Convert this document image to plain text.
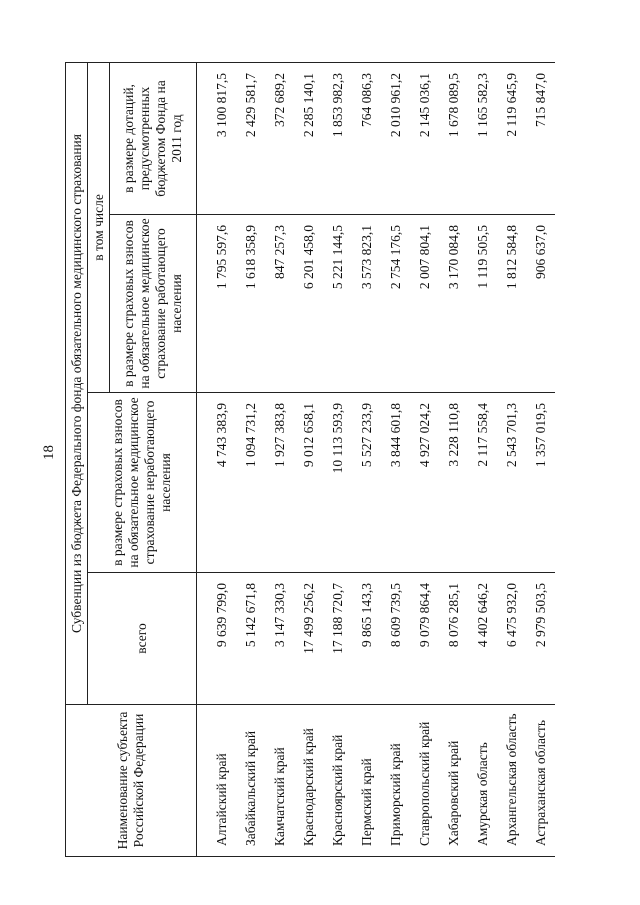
18
Наименование субъекта Российской Федерации	Субвенции из бюджета Федерального фонда обязательного медицинского страхования			
	всего	в размере страховых взносов на обязательное медицинское страхование неработающего населения	в том числе	
			в размере страховых взносов на обязательное медицинское страхование работающего населения	в размере дотаций, предусмотренных бюджетом Фонда на 2011 год
Алтайский край	9 639 799,0	4 743 383,9	1 795 597,6	3 100 817,5
Забайкальский край	5 142 671,8	1 094 731,2	1 618 358,9	2 429 581,7
Камчатский край	3 147 330,3	1 927 383,8	847 257,3	372 689,2
Краснодарский край	17 499 256,2	9 012 658,1	6 201 458,0	2 285 140,1
Красноярский край	17 188 720,7	10 113 593,9	5 221 144,5	1 853 982,3
Пермский край	9 865 143,3	5 527 233,9	3 573 823,1	764 086,3
Приморский край	8 609 739,5	3 844 601,8	2 754 176,5	2 010 961,2
Ставропольский край	9 079 864,4	4 927 024,2	2 007 804,1	2 145 036,1
Хабаровский край	8 076 285,1	3 228 110,8	3 170 084,8	1 678 089,5
Амурская область	4 402 646,2	2 117 558,4	1 119 505,5	1 165 582,3
Архангельская область	6 475 932,0	2 543 701,3	1 812 584,8	2 119 645,9
Астраханская область	2 979 503,5	1 357 019,5	906 637,0	715 847,0
